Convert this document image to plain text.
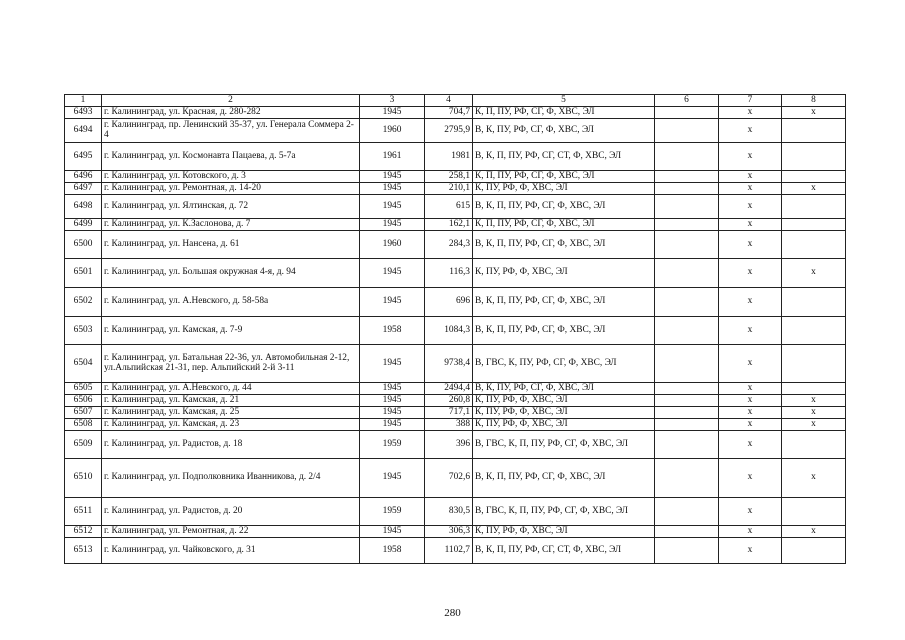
1	2	3	4	5	6	7	8
6493	г. Калининград, ул. Красная, д. 280-282	1945	704,7	К, П, ПУ, РФ, СГ, Ф, ХВС, ЭЛ		х	х
6494	г. Калининград, пр. Ленинский 35-37, ул. Генерала Соммера 2-4	1960	2795,9	В, К, ПУ, РФ, СГ, Ф, ХВС, ЭЛ		х	
6495	г. Калининград, ул. Космонавта Пацаева, д. 5-7а	1961	1981	В, К, П, ПУ, РФ, СГ, СТ, Ф, ХВС, ЭЛ		х	
6496	г. Калининград, ул. Котовского, д. 3	1945	258,1	К, П, ПУ, РФ, СГ, Ф, ХВС, ЭЛ		х	
6497	г. Калининград, ул. Ремонтная, д. 14-20	1945	210,1	К, ПУ, РФ, Ф, ХВС, ЭЛ		х	х
6498	г. Калининград, ул. Ялтинская, д. 72	1945	615	В, К, П, ПУ, РФ, СГ, Ф, ХВС, ЭЛ		х	
6499	г. Калининград, ул. К.Заслонова, д. 7	1945	162,1	К, П, ПУ, РФ, СГ, Ф, ХВС, ЭЛ		х	
6500	г. Калининград, ул. Нансена, д. 61	1960	284,3	В, К, П, ПУ, РФ, СГ, Ф, ХВС, ЭЛ		х	
6501	г. Калининград, ул. Большая окружная 4-я, д. 94	1945	116,3	К, ПУ, РФ, Ф, ХВС, ЭЛ		х	х
6502	г. Калининград, ул. А.Невского, д. 58-58а	1945	696	В, К, П, ПУ, РФ, СГ, Ф, ХВС, ЭЛ		х	
6503	г. Калининград, ул. Камская, д. 7-9	1958	1084,3	В, К, П, ПУ, РФ, СГ, Ф, ХВС, ЭЛ		х	
6504	г. Калининград, ул. Батальная 22-36, ул. Автомобильная 2-12, ул.Альпийская 21-31, пер. Альпийский 2-й 3-11	1945	9738,4	В, ГВС, К, ПУ, РФ, СГ, Ф, ХВС, ЭЛ		х	
6505	г. Калининград, ул. А.Невского, д. 44	1945	2494,4	В, К, ПУ, РФ, СГ, Ф, ХВС, ЭЛ		х	
6506	г. Калининград, ул. Камская, д. 21	1945	260,8	К, ПУ, РФ, Ф, ХВС, ЭЛ		х	х
6507	г. Калининград, ул. Камская, д. 25	1945	717,1	К, ПУ, РФ, Ф, ХВС, ЭЛ		х	х
6508	г. Калининград, ул. Камская, д. 23	1945	388	К, ПУ, РФ, Ф, ХВС, ЭЛ		х	х
6509	г. Калининград, ул. Радистов, д. 18	1959	396	В, ГВС, К, П, ПУ, РФ, СГ, Ф, ХВС, ЭЛ		х	
6510	г. Калининград, ул. Подполковника Иванникова, д. 2/4	1945	702,6	В, К, П, ПУ, РФ, СГ, Ф, ХВС, ЭЛ		х	х
6511	г. Калининград, ул. Радистов, д. 20	1959	830,5	В, ГВС, К, П, ПУ, РФ, СГ, Ф, ХВС, ЭЛ		х	
6512	г. Калининград, ул. Ремонтная, д. 22	1945	306,3	К, ПУ, РФ, Ф, ХВС, ЭЛ		х	х
6513	г. Калининград, ул. Чайковского, д. 31	1958	1102,7	В, К, П, ПУ, РФ, СГ, СТ, Ф, ХВС, ЭЛ		х	
280
